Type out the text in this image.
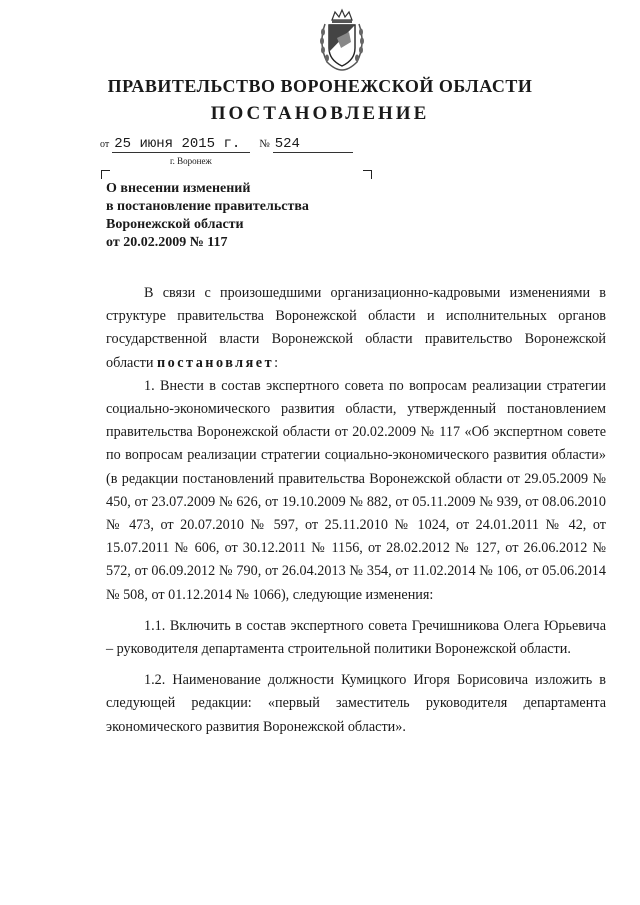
ПРАВИТЕЛЬСТВО ВОРОНЕЖСКОЙ ОБЛАСТИ
ПОСТАНОВЛЕНИЕ
от 25 июня 2015 г. № 524
г. Воронеж
О внесении изменений
в постановление правительства
Воронежской области
от 20.02.2009 № 117

В связи с произошедшими организационно-кадровыми изменениями в структуре правительства Воронежской области и исполнительных органов государственной власти Воронежской области правительство Воронежской области постановляет:

1. Внести в состав экспертного совета по вопросам реализации стратегии социально-экономического развития области, утвержденный постановлением правительства Воронежской области от 20.02.2009 № 117 «Об экспертном совете по вопросам реализации стратегии социально-экономического развития области» (в редакции постановлений правительства Воронежской области от 29.05.2009 № 450, от 23.07.2009 № 626, от 19.10.2009 № 882, от 05.11.2009 № 939, от 08.06.2010 № 473, от 20.07.2010 № 597, от 25.11.2010 № 1024, от 24.01.2011 № 42, от 15.07.2011 № 606, от 30.12.2011 № 1156, от 28.02.2012 № 127, от 26.06.2012 № 572, от 06.09.2012 № 790, от 26.04.2013 № 354, от 11.02.2014 № 106, от 05.06.2014 № 508, от 01.12.2014 № 1066), следующие изменения:

1.1. Включить в состав экспертного совета Гречишникова Олега Юрьевича – руководителя департамента строительной политики Воронежской области.

1.2. Наименование должности Кумицкого Игоря Борисовича изложить в следующей редакции: «первый заместитель руководителя департамента экономического развития Воронежской области».
